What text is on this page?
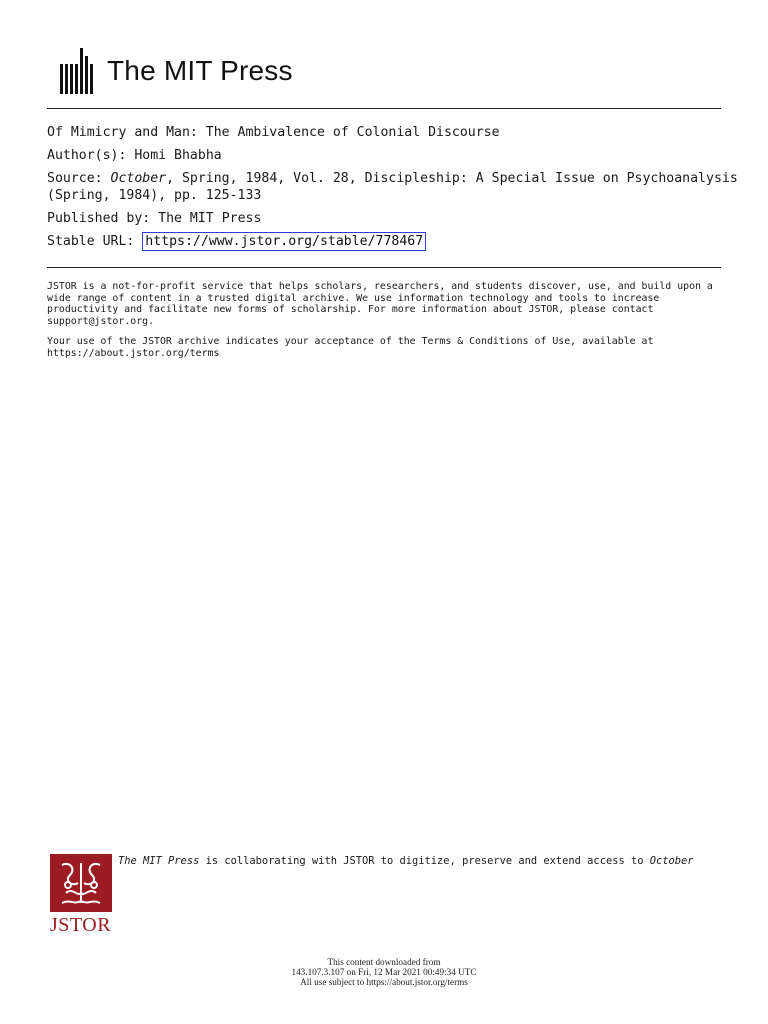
The MIT Press
Of Mimicry and Man: The Ambivalence of Colonial Discourse
Author(s): Homi Bhabha
Source: October, Spring, 1984, Vol. 28, Discipleship: A Special Issue on Psychoanalysis
(Spring, 1984), pp. 125-133
Published by: The MIT Press
Stable URL: https://www.jstor.org/stable/778467

JSTOR is a not-for-profit service that helps scholars, researchers, and students discover, use, and build upon a wide range of content in a trusted digital archive. We use information technology and tools to increase productivity and facilitate new forms of scholarship. For more information about JSTOR, please contact support@jstor.org.

Your use of the JSTOR archive indicates your acceptance of the Terms & Conditions of Use, available at https://about.jstor.org/terms

JSTOR
The MIT Press is collaborating with JSTOR to digitize, preserve and extend access to October
This content downloaded from
143.107.3.107 on Fri, 12 Mar 2021 00:49:34 UTC
All use subject to https://about.jstor.org/terms
